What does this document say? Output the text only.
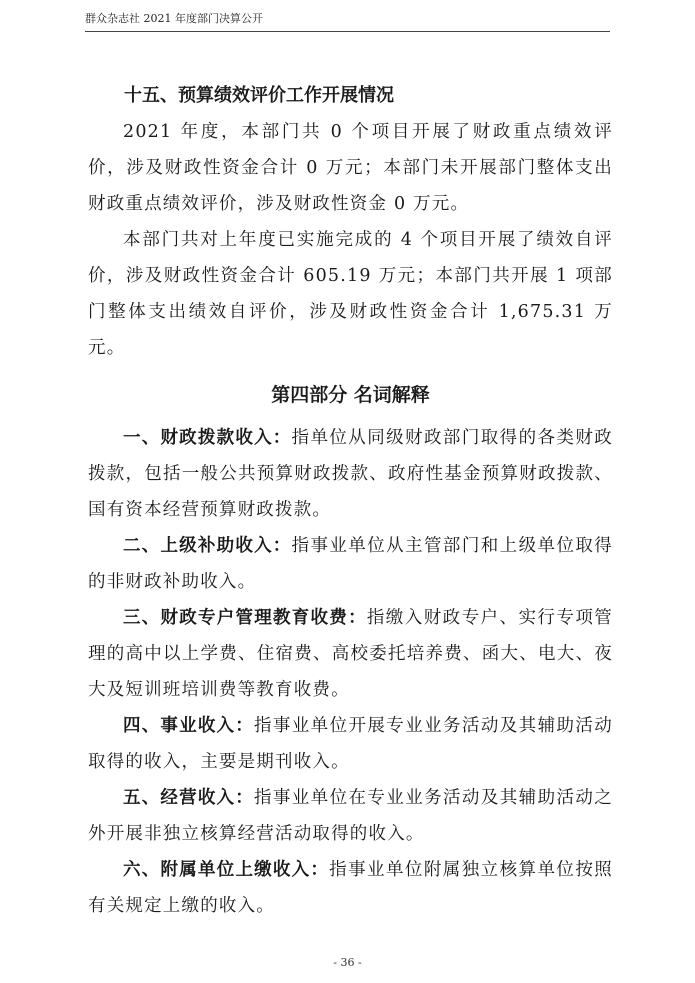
群众杂志社 2021 年度部门决算公开
十五、预算绩效评价工作开展情况

2021 年度，本部门共 0 个项目开展了财政重点绩效评价，涉及财政性资金合计 0 万元；本部门未开展部门整体支出财政重点绩效评价，涉及财政性资金 0 万元。

本部门共对上年度已实施完成的 4 个项目开展了绩效自评价，涉及财政性资金合计 605.19 万元；本部门共开展 1 项部门整体支出绩效自评价，涉及财政性资金合计 1,675.31 万元。

第四部分 名词解释

一、财政拨款收入：指单位从同级财政部门取得的各类财政拨款，包括一般公共预算财政拨款、政府性基金预算财政拨款、国有资本经营预算财政拨款。

二、上级补助收入：指事业单位从主管部门和上级单位取得的非财政补助收入。

三、财政专户管理教育收费：指缴入财政专户、实行专项管理的高中以上学费、住宿费、高校委托培养费、函大、电大、夜大及短训班培训费等教育收费。

四、事业收入：指事业单位开展专业业务活动及其辅助活动取得的收入，主要是期刊收入。

五、经营收入：指事业单位在专业业务活动及其辅助活动之外开展非独立核算经营活动取得的收入。

六、附属单位上缴收入：指事业单位附属独立核算单位按照有关规定上缴的收入。

- 36 -
